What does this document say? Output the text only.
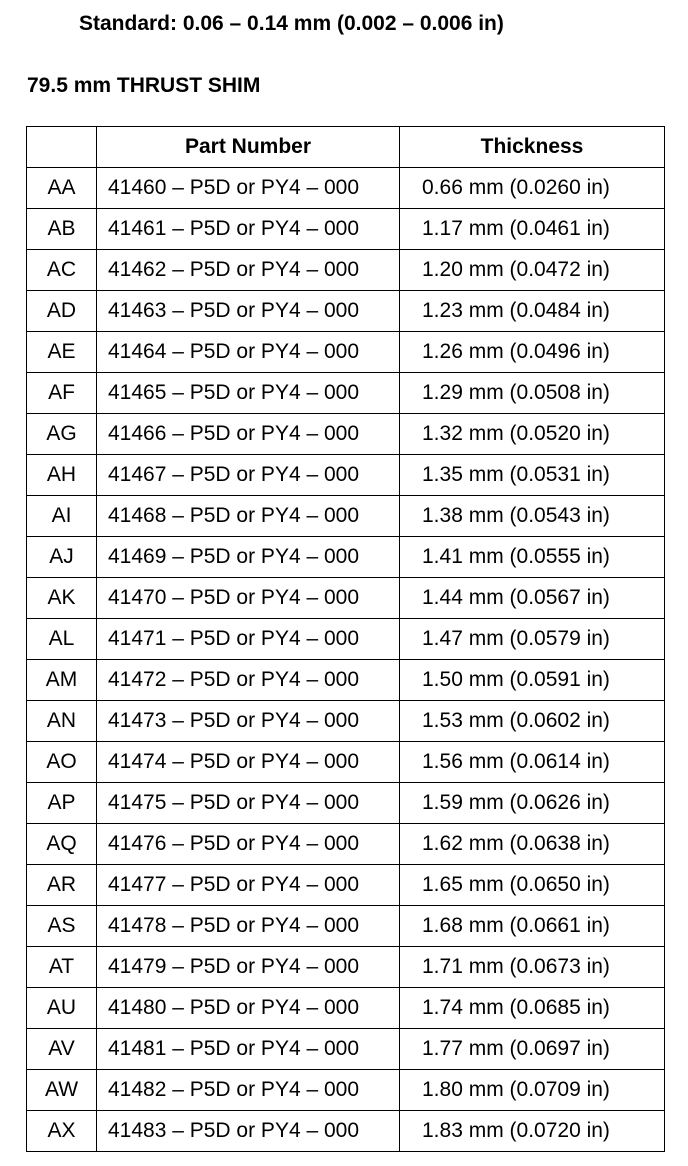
Standard: 0.06 – 0.14 mm (0.002 – 0.006 in)
79.5 mm THRUST SHIM
	Part Number	Thickness
AA	41460 – P5D or PY4 – 000	0.66 mm (0.0260 in)
AB	41461 – P5D or PY4 – 000	1.17 mm (0.0461 in)
AC	41462 – P5D or PY4 – 000	1.20 mm (0.0472 in)
AD	41463 – P5D or PY4 – 000	1.23 mm (0.0484 in)
AE	41464 – P5D or PY4 – 000	1.26 mm (0.0496 in)
AF	41465 – P5D or PY4 – 000	1.29 mm (0.0508 in)
AG	41466 – P5D or PY4 – 000	1.32 mm (0.0520 in)
AH	41467 – P5D or PY4 – 000	1.35 mm (0.0531 in)
AI	41468 – P5D or PY4 – 000	1.38 mm (0.0543 in)
AJ	41469 – P5D or PY4 – 000	1.41 mm (0.0555 in)
AK	41470 – P5D or PY4 – 000	1.44 mm (0.0567 in)
AL	41471 – P5D or PY4 – 000	1.47 mm (0.0579 in)
AM	41472 – P5D or PY4 – 000	1.50 mm (0.0591 in)
AN	41473 – P5D or PY4 – 000	1.53 mm (0.0602 in)
AO	41474 – P5D or PY4 – 000	1.56 mm (0.0614 in)
AP	41475 – P5D or PY4 – 000	1.59 mm (0.0626 in)
AQ	41476 – P5D or PY4 – 000	1.62 mm (0.0638 in)
AR	41477 – P5D or PY4 – 000	1.65 mm (0.0650 in)
AS	41478 – P5D or PY4 – 000	1.68 mm (0.0661 in)
AT	41479 – P5D or PY4 – 000	1.71 mm (0.0673 in)
AU	41480 – P5D or PY4 – 000	1.74 mm (0.0685 in)
AV	41481 – P5D or PY4 – 000	1.77 mm (0.0697 in)
AW	41482 – P5D or PY4 – 000	1.80 mm (0.0709 in)
AX	41483 – P5D or PY4 – 000	1.83 mm (0.0720 in)
